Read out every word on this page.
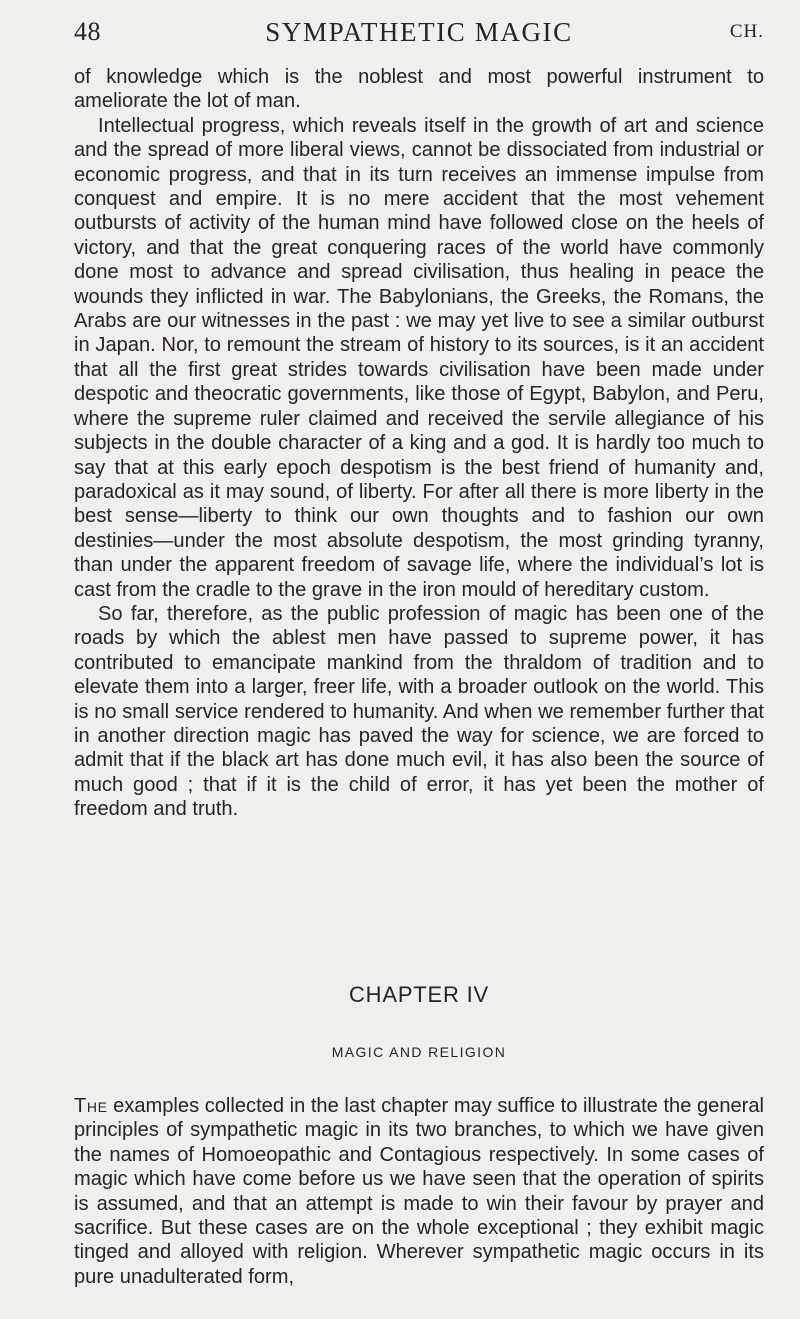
48	SYMPATHETIC MAGIC	CH.

of knowledge which is the noblest and most powerful instrument to ameliorate the lot of man.

Intellectual progress, which reveals itself in the growth of art and science and the spread of more liberal views, cannot be dissociated from industrial or economic progress, and that in its turn receives an immense impulse from conquest and empire. It is no mere accident that the most vehement outbursts of activity of the human mind have followed close on the heels of victory, and that the great conquering races of the world have commonly done most to advance and spread civilisation, thus healing in peace the wounds they inflicted in war. The Babylonians, the Greeks, the Romans, the Arabs are our witnesses in the past : we may yet live to see a similar outburst in Japan. Nor, to remount the stream of history to its sources, is it an accident that all the first great strides towards civilisation have been made under despotic and theocratic governments, like those of Egypt, Babylon, and Peru, where the supreme ruler claimed and received the servile allegiance of his subjects in the double character of a king and a god. It is hardly too much to say that at this early epoch despotism is the best friend of humanity and, paradoxical as it may sound, of liberty. For after all there is more liberty in the best sense—liberty to think our own thoughts and to fashion our own destinies—under the most absolute despotism, the most grinding tyranny, than under the apparent freedom of savage life, where the individual’s lot is cast from the cradle to the grave in the iron mould of hereditary custom.

So far, therefore, as the public profession of magic has been one of the roads by which the ablest men have passed to supreme power, it has contributed to emancipate mankind from the thraldom of tradition and to elevate them into a larger, freer life, with a broader outlook on the world. This is no small service rendered to humanity. And when we remember further that in another direction magic has paved the way for science, we are forced to admit that if the black art has done much evil, it has also been the source of much good ; that if it is the child of error, it has yet been the mother of freedom and truth.

CHAPTER IV
MAGIC AND RELIGION

The examples collected in the last chapter may suffice to illustrate the general principles of sympathetic magic in its two branches, to which we have given the names of Homoeopathic and Contagious respectively. In some cases of magic which have come before us we have seen that the operation of spirits is assumed, and that an attempt is made to win their favour by prayer and sacrifice. But these cases are on the whole exceptional ; they exhibit magic tinged and alloyed with religion. Wherever sympathetic magic occurs in its pure unadulterated form,
